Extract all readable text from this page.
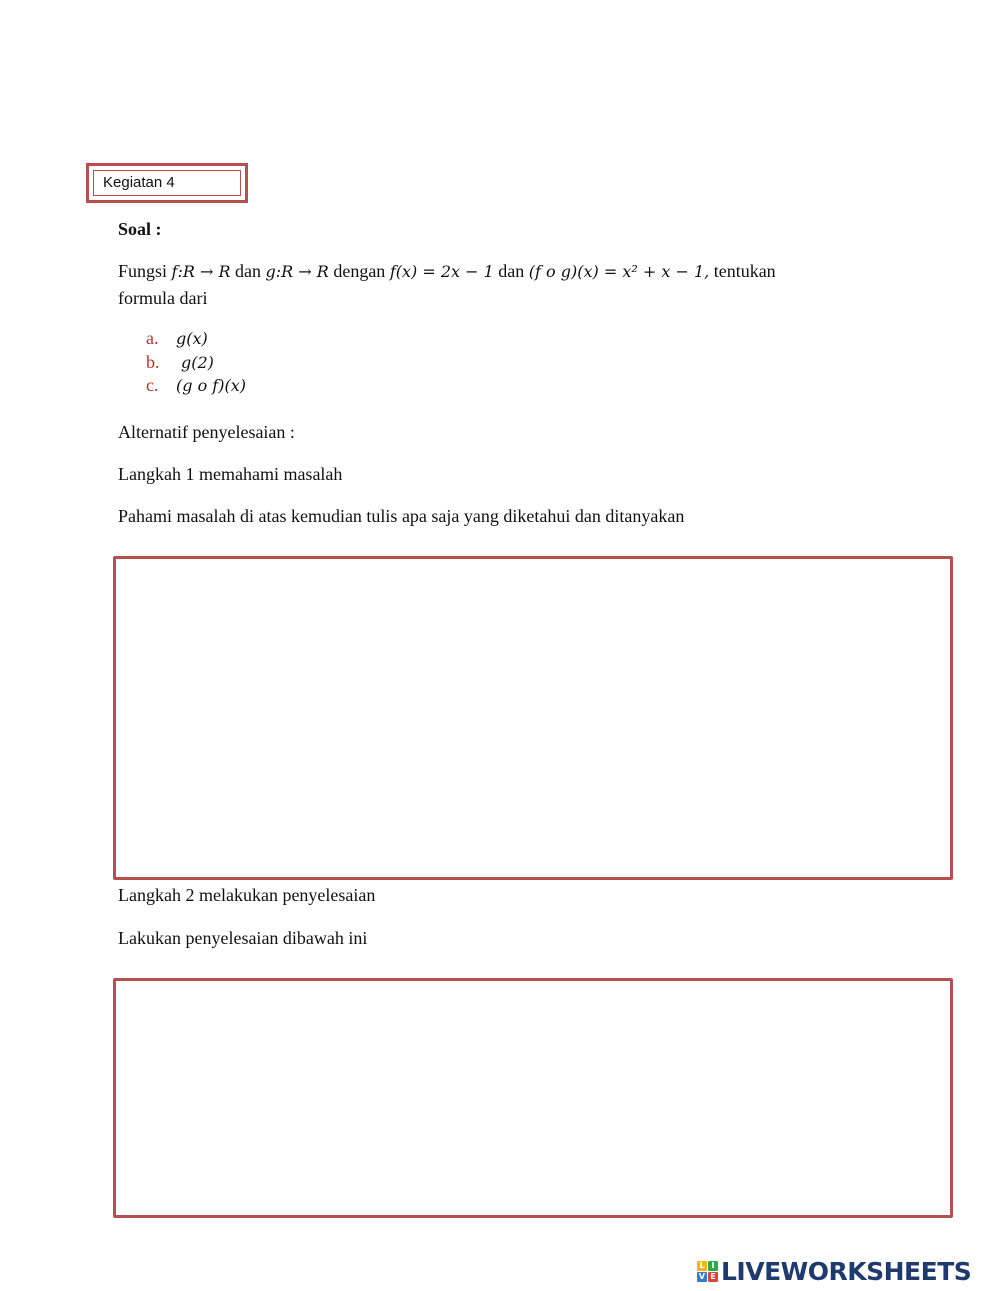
Kegiatan 4
Soal :
Fungsi f:R → R dan g:R → R dengan f(x) = 2x − 1 dan (f o g)(x) = x² + x − 1, tentukan
formula dari
a. g(x)
b. g(2)
c. (g o f)(x)
Alternatif penyelesaian :
Langkah 1 memahami masalah
Pahami masalah di atas kemudian tulis apa saja yang diketahui dan ditanyakan
Langkah 2 melakukan penyelesaian
Lakukan penyelesaian dibawah ini
L I
V E LIVEWORKSHEETS
